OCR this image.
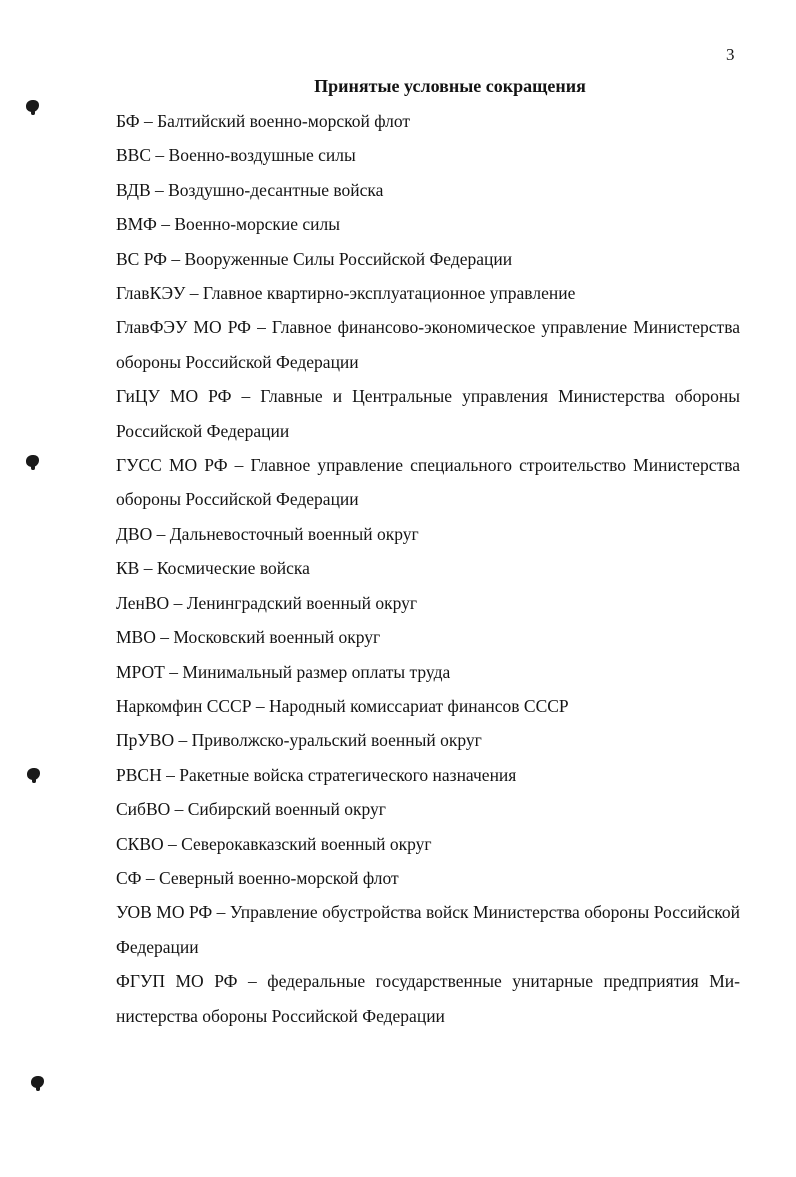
3
Принятые условные сокращения
БФ – Балтийский военно-морской флот
ВВС – Военно-воздушные силы
ВДВ – Воздушно-десантные войска
ВМФ – Военно-морские силы
ВС РФ – Вооруженные Силы Российской Федерации
ГлавКЭУ – Главное квартирно-эксплуатационное управление
ГлавФЭУ МО РФ – Главное финансово-экономическое управление Министерства обороны Российской Федерации
ГиЦУ МО РФ – Главные и Центральные управления Министерства обороны Российской Федерации
ГУСС МО РФ – Главное управление специального строительство Министерства обороны Российской Федерации
ДВО – Дальневосточный военный округ
КВ – Космические войска
ЛенВО – Ленинградский военный округ
МВО – Московский военный округ
МРОТ – Минимальный размер оплаты труда
Наркомфин СССР – Народный комиссариат финансов СССР
ПрУВО – Приволжско-уральский военный округ
РВСН – Ракетные войска стратегического назначения
СибВО – Сибирский военный округ
СКВО – Северокавказский военный округ
СФ – Северный военно-морской флот
УОВ МО РФ – Управление обустройства войск Министерства обороны Российской Федерации
ФГУП МО РФ – федеральные государственные унитарные предприятия Министерства обороны Российской Федерации
